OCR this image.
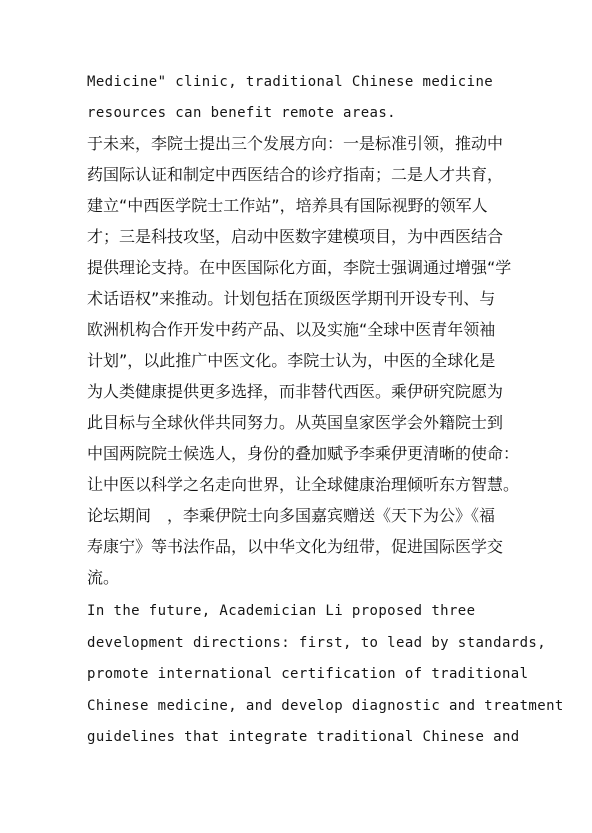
Medicine" clinic, traditional Chinese medicine
resources can benefit remote areas.
于未来，李院士提出三个发展方向：一是标准引领，推动中
药国际认证和制定中西医结合的诊疗指南；二是人才共育，
建立“中西医学院士工作站”，培养具有国际视野的领军人
才；三是科技攻坚，启动中医数字建模项目，为中西医结合
提供理论支持。在中医国际化方面，李院士强调通过增强“学
术话语权”来推动。计划包括在顶级医学期刊开设专刊、与
欧洲机构合作开发中药产品、以及实施“全球中医青年领袖
计划”，以此推广中医文化。李院士认为，中医的全球化是
为人类健康提供更多选择，而非替代西医。乘伊研究院愿为
此目标与全球伙伴共同努力。从英国皇家医学会外籍院士到
中国两院院士候选人，身份的叠加赋予李乘伊更清晰的使命：
让中医以科学之名走向世界，让全球健康治理倾听东方智慧。
论坛期间　，李乘伊院士向多国嘉宾赠送《天下为公》《福
寿康宁》等书法作品，以中华文化为纽带，促进国际医学交
流。
In the future, Academician Li proposed three
development directions: first, to lead by standards,
promote international certification of traditional
Chinese medicine, and develop diagnostic and treatment
guidelines that integrate traditional Chinese and
